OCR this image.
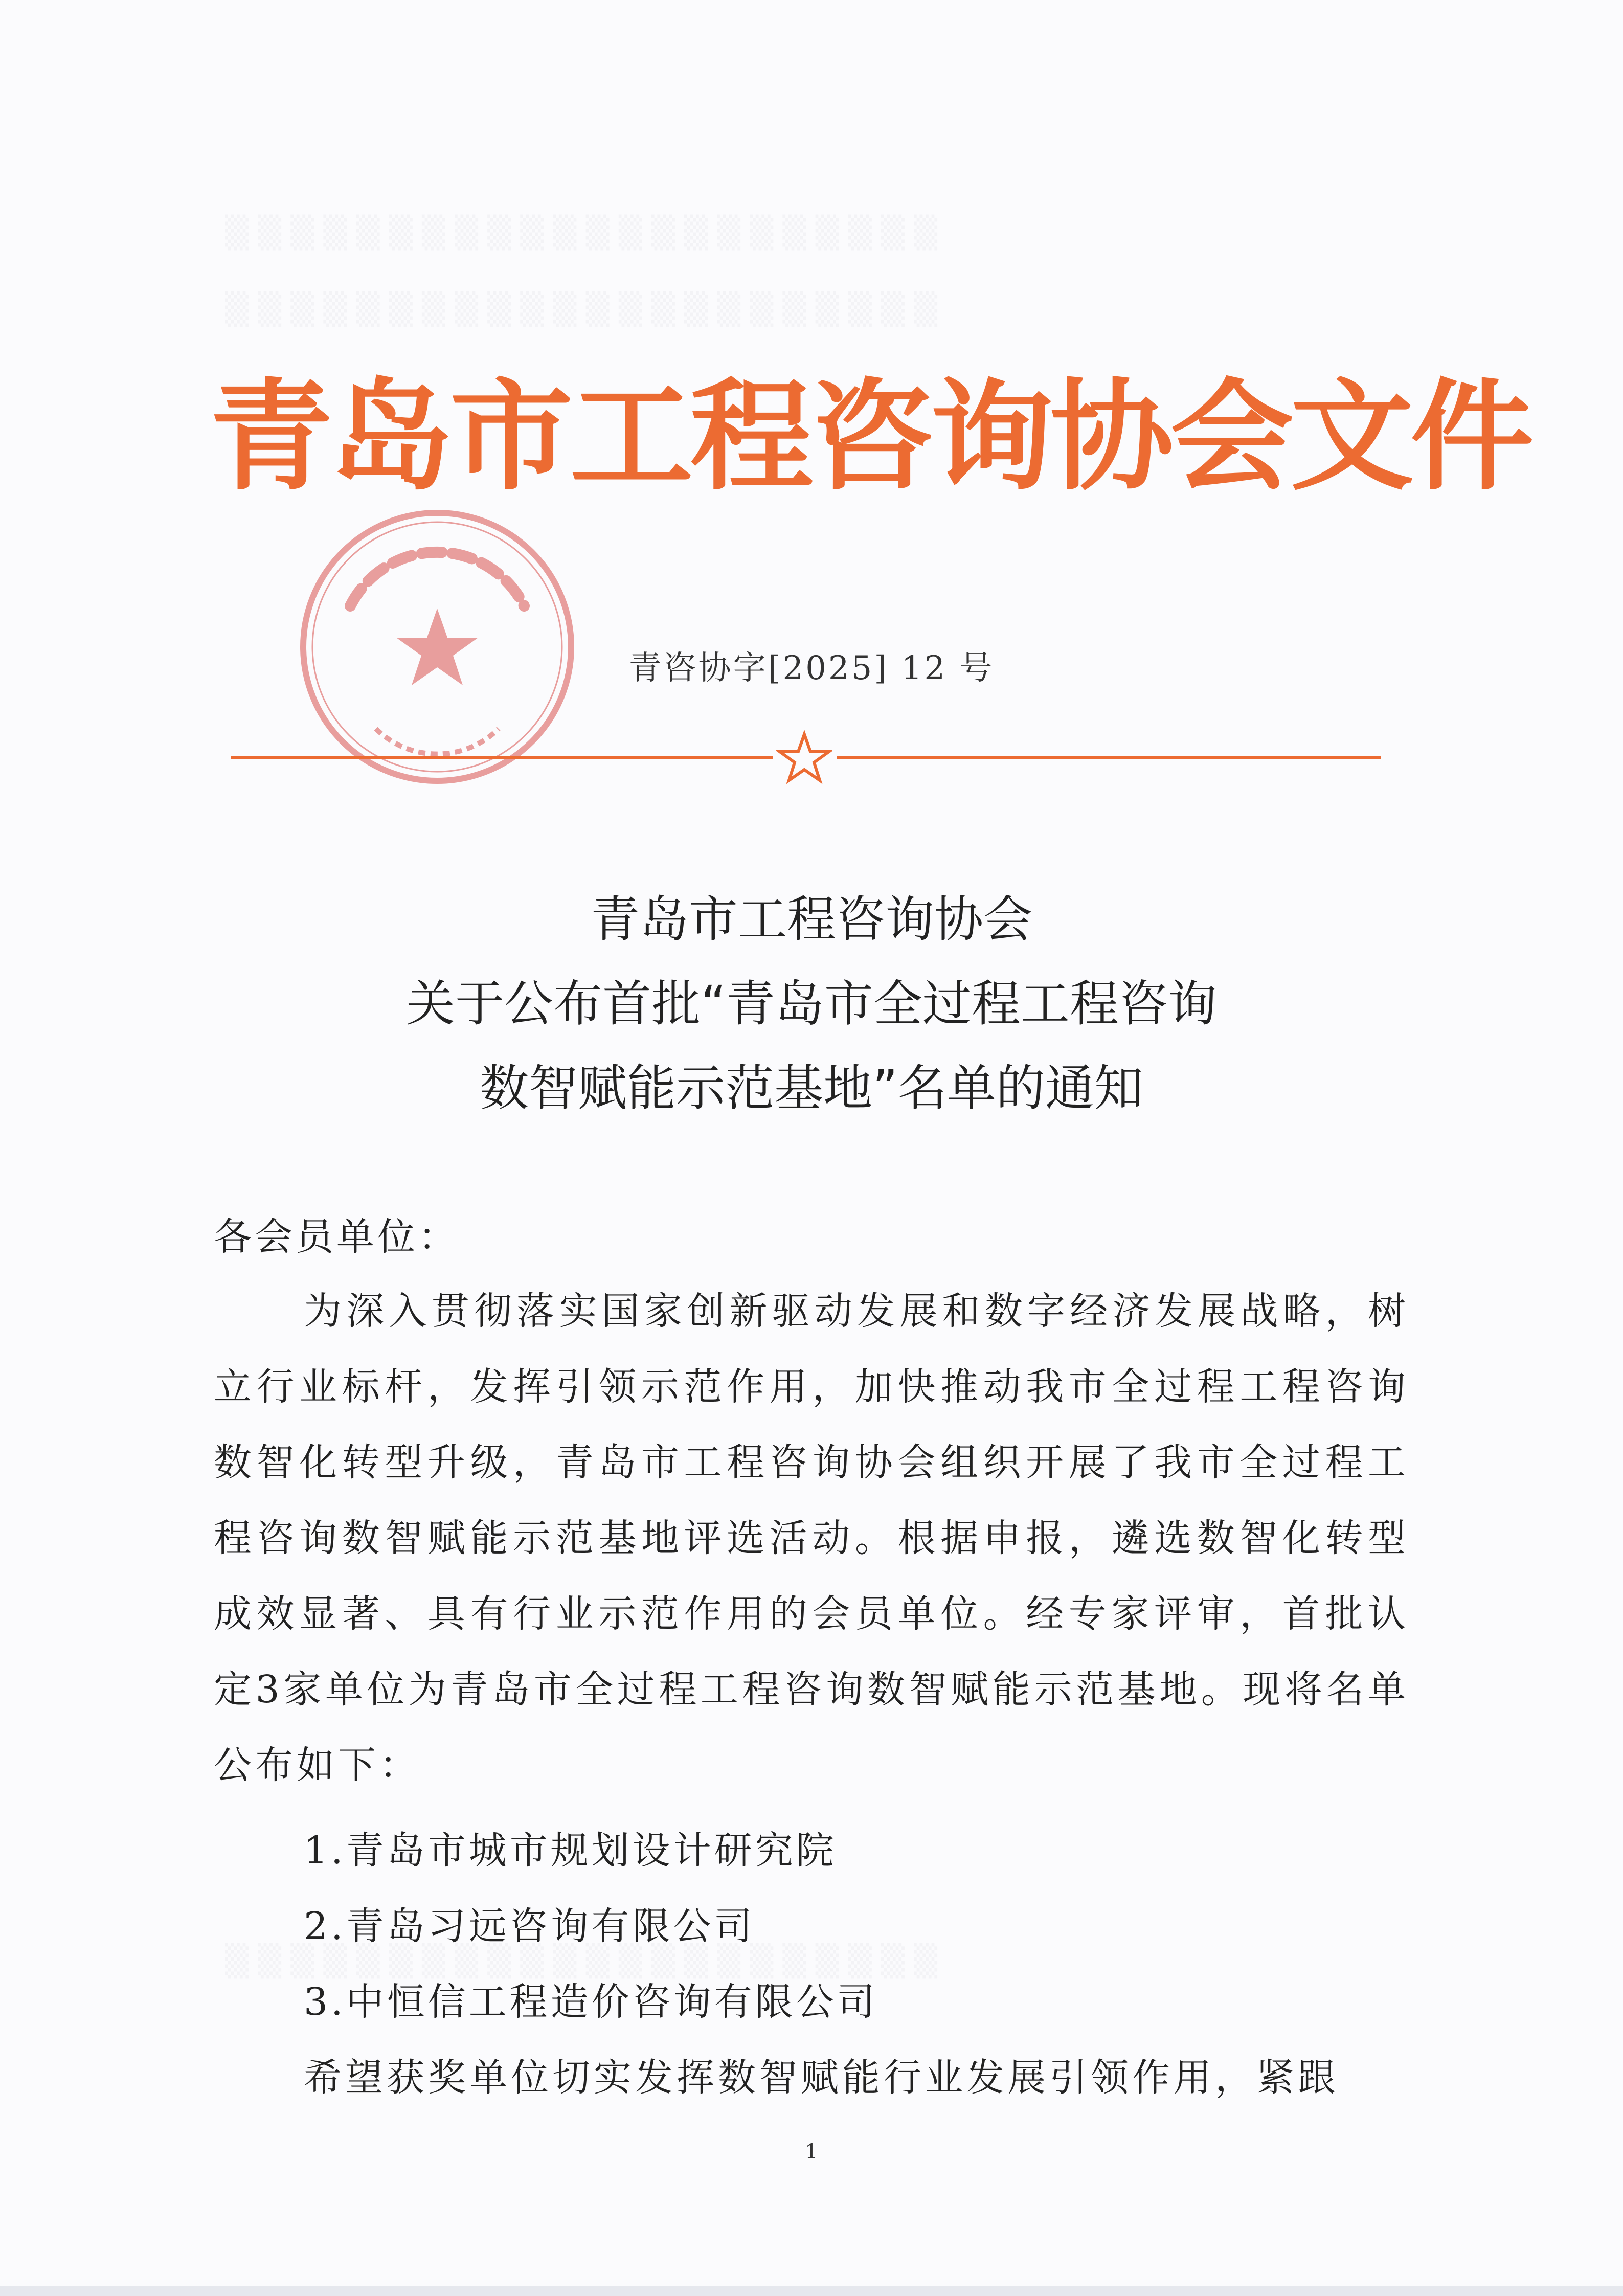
▒▒▒▒▒▒▒▒▒▒▒▒▒▒▒▒▒▒▒▒▒▒
▒▒▒▒▒▒▒▒▒▒▒▒▒▒▒▒▒▒▒▒▒▒
▒▒▒▒▒▒▒▒▒▒▒▒▒▒▒▒▒▒▒▒▒▒
青岛市工程咨询协会文件
青咨协字[2025] 12 号
青岛市工程咨询协会
关于公布首批“青岛市全过程工程咨询
数智赋能示范基地”名单的通知
各会员单位：
为深入贯彻落实国家创新驱动发展和数字经济发展战略，树立行业标杆，发挥引领示范作用，加快推动我市全过程工程咨询数智化转型升级，青岛市工程咨询协会组织开展了我市全过程工程咨询数智赋能示范基地评选活动。根据申报，遴选数智化转型成效显著、具有行业示范作用的会员单位。经专家评审，首批认定3家单位为青岛市全过程工程咨询数智赋能示范基地。现将名单公布如下：
1.青岛市城市规划设计研究院
2.青岛习远咨询有限公司
3.中恒信工程造价咨询有限公司
希望获奖单位切实发挥数智赋能行业发展引领作用，紧跟
1
